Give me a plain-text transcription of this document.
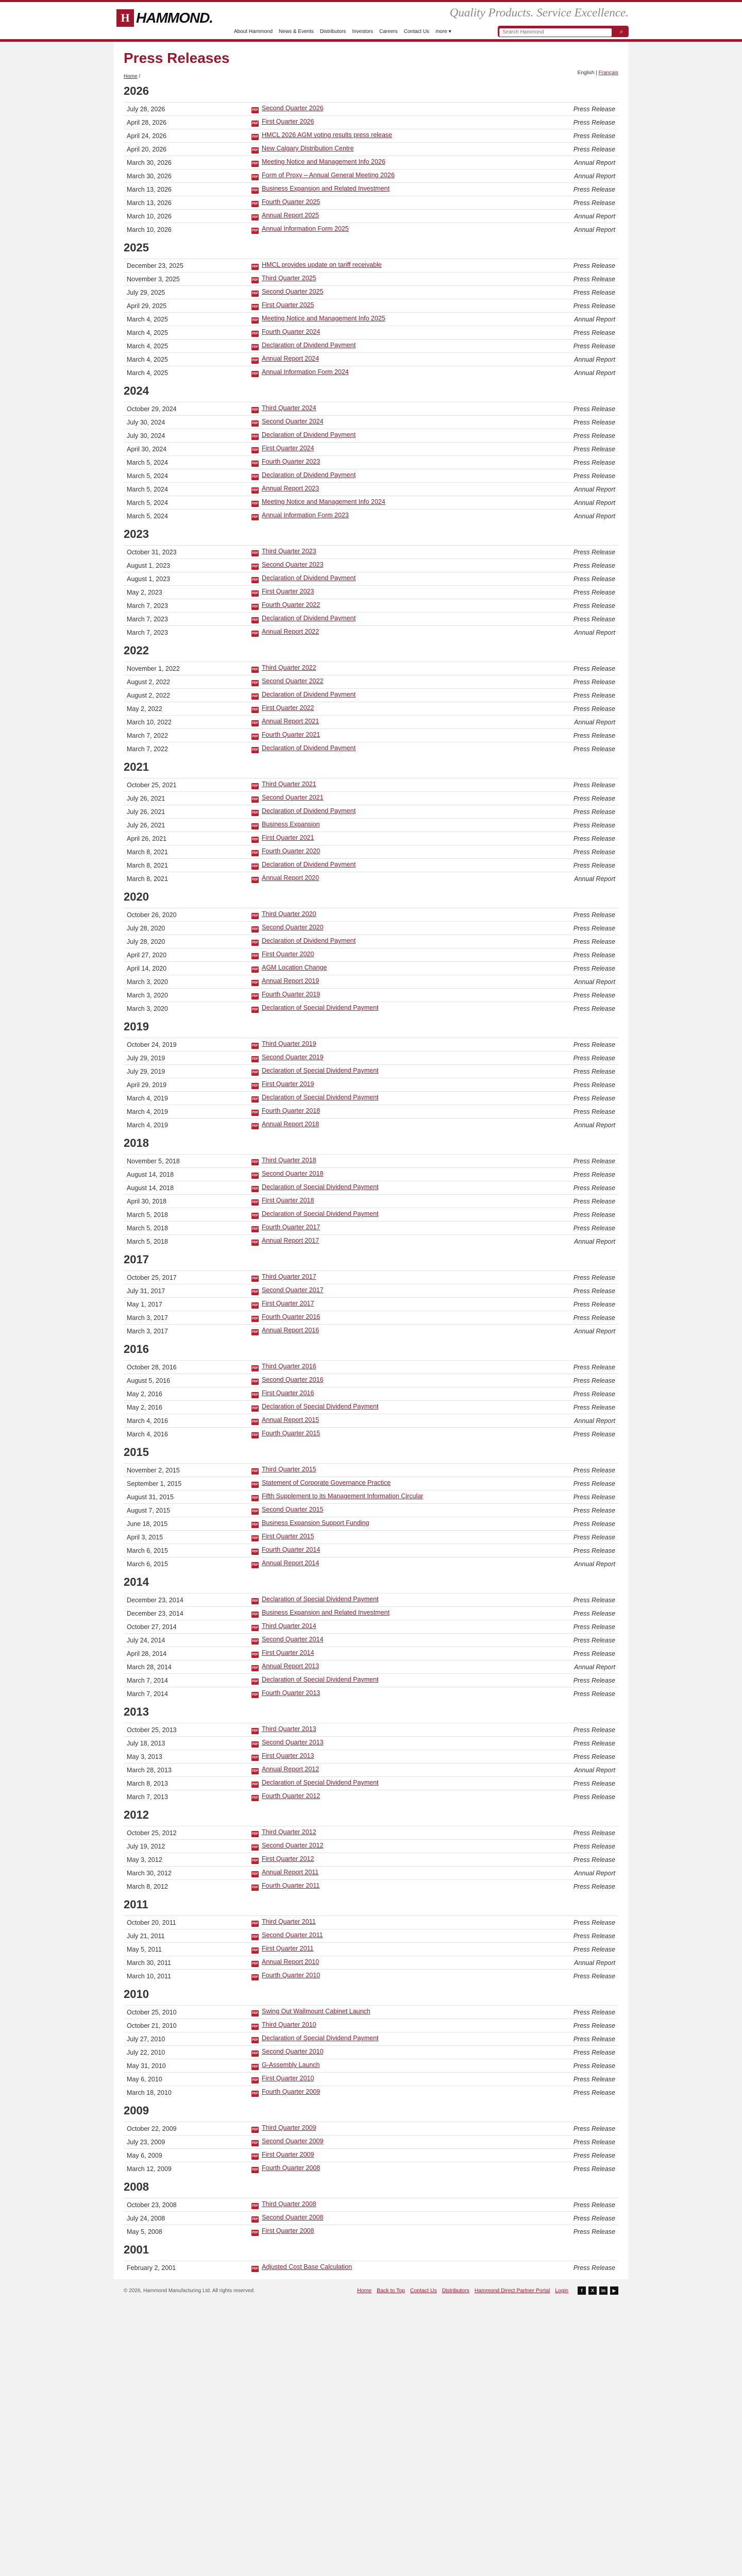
H HAMMOND.	Quality Products. Service Excellence.
About Hammond	News & Events	Distributors	Investors	Careers	Contact Us	more ▾
Search Hammond	⌕
Press Releases
Home /
English | Français
2026
July 28, 2026	PDF Second Quarter 2026	Press Release
April 28, 2026	PDF First Quarter 2026	Press Release
April 24, 2026	PDF HMCL 2026 AGM voting results press release	Press Release
April 20, 2026	PDF New Calgary Distribution Centre	Press Release
March 30, 2026	PDF Meeting Notice and Management Info 2026	Annual Report
March 30, 2026	PDF Form of Proxy – Annual General Meeting 2026	Annual Report
March 13, 2026	PDF Business Expansion and Related Investment	Press Release
March 13, 2026	PDF Fourth Quarter 2025	Press Release
March 10, 2026	PDF Annual Report 2025	Annual Report
March 10, 2026	PDF Annual Information Form 2025	Annual Report
2025
December 23, 2025	PDF HMCL provides update on tariff receivable	Press Release
November 3, 2025	PDF Third Quarter 2025	Press Release
July 29, 2025	PDF Second Quarter 2025	Press Release
April 29, 2025	PDF First Quarter 2025	Press Release
March 4, 2025	PDF Meeting Notice and Management Info 2025	Annual Report
March 4, 2025	PDF Fourth Quarter 2024	Press Release
March 4, 2025	PDF Declaration of Dividend Payment	Press Release
March 4, 2025	PDF Annual Report 2024	Annual Report
March 4, 2025	PDF Annual Information Form 2024	Annual Report
2024
October 29, 2024	PDF Third Quarter 2024	Press Release
July 30, 2024	PDF Second Quarter 2024	Press Release
July 30, 2024	PDF Declaration of Dividend Payment	Press Release
April 30, 2024	PDF First Quarter 2024	Press Release
March 5, 2024	PDF Fourth Quarter 2023	Press Release
March 5, 2024	PDF Declaration of Dividend Payment	Press Release
March 5, 2024	PDF Annual Report 2023	Annual Report
March 5, 2024	PDF Meeting Notice and Management Info 2024	Annual Report
March 5, 2024	PDF Annual Information Form 2023	Annual Report
2023
October 31, 2023	PDF Third Quarter 2023	Press Release
August 1, 2023	PDF Second Quarter 2023	Press Release
August 1, 2023	PDF Declaration of Dividend Payment	Press Release
May 2, 2023	PDF First Quarter 2023	Press Release
March 7, 2023	PDF Fourth Quarter 2022	Press Release
March 7, 2023	PDF Declaration of Dividend Payment	Press Release
March 7, 2023	PDF Annual Report 2022	Annual Report
2022
November 1, 2022	PDF Third Quarter 2022	Press Release
August 2, 2022	PDF Second Quarter 2022	Press Release
August 2, 2022	PDF Declaration of Dividend Payment	Press Release
May 2, 2022	PDF First Quarter 2022	Press Release
March 10, 2022	PDF Annual Report 2021	Annual Report
March 7, 2022	PDF Fourth Quarter 2021	Press Release
March 7, 2022	PDF Declaration of Dividend Payment	Press Release
2021
October 25, 2021	PDF Third Quarter 2021	Press Release
July 26, 2021	PDF Second Quarter 2021	Press Release
July 26, 2021	PDF Declaration of Dividend Payment	Press Release
July 26, 2021	PDF Business Expansion	Press Release
April 26, 2021	PDF First Quarter 2021	Press Release
March 8, 2021	PDF Fourth Quarter 2020	Press Release
March 8, 2021	PDF Declaration of Dividend Payment	Press Release
March 8, 2021	PDF Annual Report 2020	Annual Report
2020
October 26, 2020	PDF Third Quarter 2020	Press Release
July 28, 2020	PDF Second Quarter 2020	Press Release
July 28, 2020	PDF Declaration of Dividend Payment	Press Release
April 27, 2020	PDF First Quarter 2020	Press Release
April 14, 2020	PDF AGM Location Change	Press Release
March 3, 2020	PDF Annual Report 2019	Annual Report
March 3, 2020	PDF Fourth Quarter 2019	Press Release
March 3, 2020	PDF Declaration of Special Dividend Payment	Press Release
2019
October 24, 2019	PDF Third Quarter 2019	Press Release
July 29, 2019	PDF Second Quarter 2019	Press Release
July 29, 2019	PDF Declaration of Special Dividend Payment	Press Release
April 29, 2019	PDF First Quarter 2019	Press Release
March 4, 2019	PDF Declaration of Special Dividend Payment	Press Release
March 4, 2019	PDF Fourth Quarter 2018	Press Release
March 4, 2019	PDF Annual Report 2018	Annual Report
2018
November 5, 2018	PDF Third Quarter 2018	Press Release
August 14, 2018	PDF Second Quarter 2018	Press Release
August 14, 2018	PDF Declaration of Special Dividend Payment	Press Release
April 30, 2018	PDF First Quarter 2018	Press Release
March 5, 2018	PDF Declaration of Special Dividend Payment	Press Release
March 5, 2018	PDF Fourth Quarter 2017	Press Release
March 5, 2018	PDF Annual Report 2017	Annual Report
2017
October 25, 2017	PDF Third Quarter 2017	Press Release
July 31, 2017	PDF Second Quarter 2017	Press Release
May 1, 2017	PDF First Quarter 2017	Press Release
March 3, 2017	PDF Fourth Quarter 2016	Press Release
March 3, 2017	PDF Annual Report 2016	Annual Report
2016
October 28, 2016	PDF Third Quarter 2016	Press Release
August 5, 2016	PDF Second Quarter 2016	Press Release
May 2, 2016	PDF First Quarter 2016	Press Release
May 2, 2016	PDF Declaration of Special Dividend Payment	Press Release
March 4, 2016	PDF Annual Report 2015	Annual Report
March 4, 2016	PDF Fourth Quarter 2015	Press Release
2015
November 2, 2015	PDF Third Quarter 2015	Press Release
September 1, 2015	PDF Statement of Corporate Governance Practice	Press Release
August 31, 2015	PDF Fifth Supplement to its Management Information Circular	Press Release
August 7, 2015	PDF Second Quarter 2015	Press Release
June 18, 2015	PDF Business Expansion Support Funding	Press Release
April 3, 2015	PDF First Quarter 2015	Press Release
March 6, 2015	PDF Fourth Quarter 2014	Press Release
March 6, 2015	PDF Annual Report 2014	Annual Report
2014
December 23, 2014	PDF Declaration of Special Dividend Payment	Press Release
December 23, 2014	PDF Business Expansion and Related Investment	Press Release
October 27, 2014	PDF Third Quarter 2014	Press Release
July 24, 2014	PDF Second Quarter 2014	Press Release
April 28, 2014	PDF First Quarter 2014	Press Release
March 28, 2014	PDF Annual Report 2013	Annual Report
March 7, 2014	PDF Declaration of Special Dividend Payment	Press Release
March 7, 2014	PDF Fourth Quarter 2013	Press Release
2013
October 25, 2013	PDF Third Quarter 2013	Press Release
July 18, 2013	PDF Second Quarter 2013	Press Release
May 3, 2013	PDF First Quarter 2013	Press Release
March 28, 2013	PDF Annual Report 2012	Annual Report
March 8, 2013	PDF Declaration of Special Dividend Payment	Press Release
March 7, 2013	PDF Fourth Quarter 2012	Press Release
2012
October 25, 2012	PDF Third Quarter 2012	Press Release
July 19, 2012	PDF Second Quarter 2012	Press Release
May 3, 2012	PDF First Quarter 2012	Press Release
March 30, 2012	PDF Annual Report 2011	Annual Report
March 8, 2012	PDF Fourth Quarter 2011	Press Release
2011
October 20, 2011	PDF Third Quarter 2011	Press Release
July 21, 2011	PDF Second Quarter 2011	Press Release
May 5, 2011	PDF First Quarter 2011	Press Release
March 30, 2011	PDF Annual Report 2010	Annual Report
March 10, 2011	PDF Fourth Quarter 2010	Press Release
2010
October 25, 2010	PDF Swing Out Wallmount Cabinet Launch	Press Release
October 21, 2010	PDF Third Quarter 2010	Press Release
July 27, 2010	PDF Declaration of Special Dividend Payment	Press Release
July 22, 2010	PDF Second Quarter 2010	Press Release
May 31, 2010	PDF G-Assembly Launch	Press Release
May 6, 2010	PDF First Quarter 2010	Press Release
March 18, 2010	PDF Fourth Quarter 2009	Press Release
2009
October 22, 2009	PDF Third Quarter 2009	Press Release
July 23, 2009	PDF Second Quarter 2009	Press Release
May 6, 2009	PDF First Quarter 2009	Press Release
March 12, 2009	PDF Fourth Quarter 2008	Press Release
2008
October 23, 2008	PDF Third Quarter 2008	Press Release
July 24, 2008	PDF Second Quarter 2008	Press Release
May 5, 2008	PDF First Quarter 2008	Press Release
2001
February 2, 2001	PDF Adjusted Cost Base Calculation	Press Release
© 2026, Hammond Manufacturing Ltd. All rights reserved.	Home Back to Top Contact Us Distributors Hammond Direct Partner Portal Login	f	X	in	▶
